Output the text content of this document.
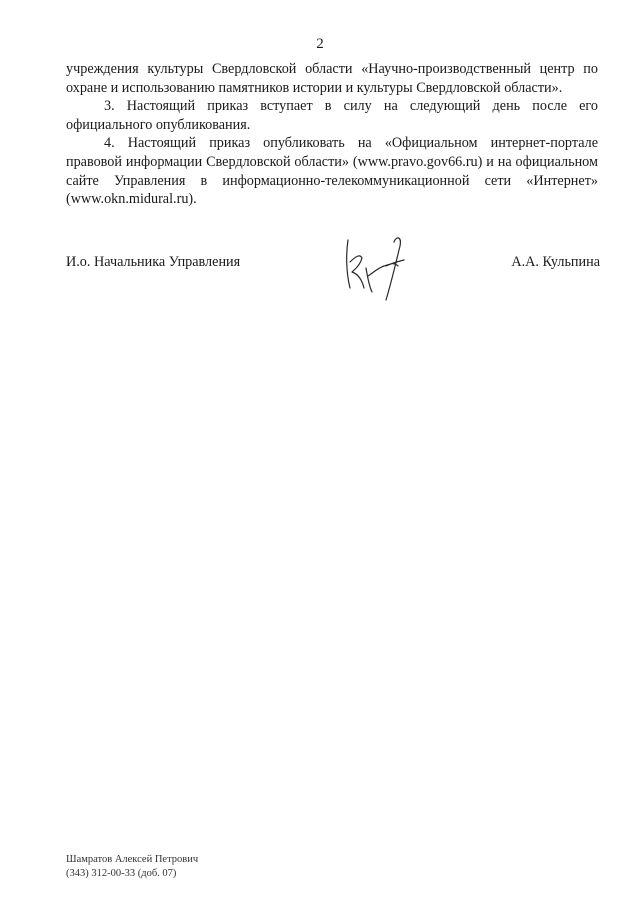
2

учреждения культуры Свердловской области «Научно-производственный центр по охране и использованию памятников истории и культуры Свердловской области».

3. Настоящий приказ вступает в силу на следующий день после его официального опубликования.

4. Настоящий приказ опубликовать на «Официальном интернет-портале правовой информации Свердловской области» (www.pravo.gov66.ru) и на официальном сайте Управления в информационно-телекоммуникационной сети «Интернет» (www.okn.midural.ru).

И.о. Начальника Управления	А.А. Кульпина
Шамратов Алексей Петрович
(343) 312-00-33 (доб. 07)
